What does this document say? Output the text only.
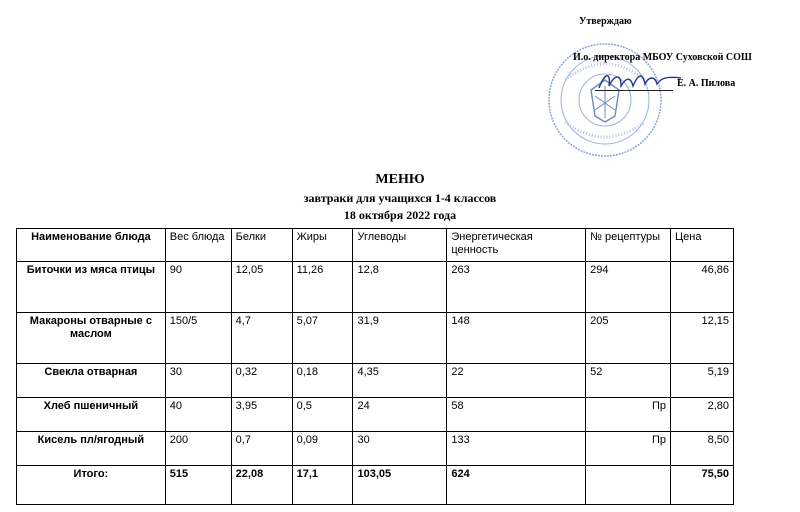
Утверждаю
И.о. директора МБОУ Суховской СОШ
Е. А. Пилова
МЕНЮ
завтраки для учащихся 1-4 классов
18 октября 2022 года
Наименование блюда	Вес блюда	Белки	Жиры	Углеводы	Энергетическая ценность	№ рецептуры	Цена
Биточки из мяса птицы	90	12,05	11,26	12,8	263	294	46,86
Макароны отварные с маслом	150/5	4,7	5,07	31,9	148	205	12,15
Свекла отварная	30	0,32	0,18	4,35	22	52	5,19
Хлеб пшеничный	40	3,95	0,5	24	58	Пр	2,80
Кисель пл/ягодный	200	0,7	0,09	30	133	Пр	8,50
Итого:	515	22,08	17,1	103,05	624		75,50
